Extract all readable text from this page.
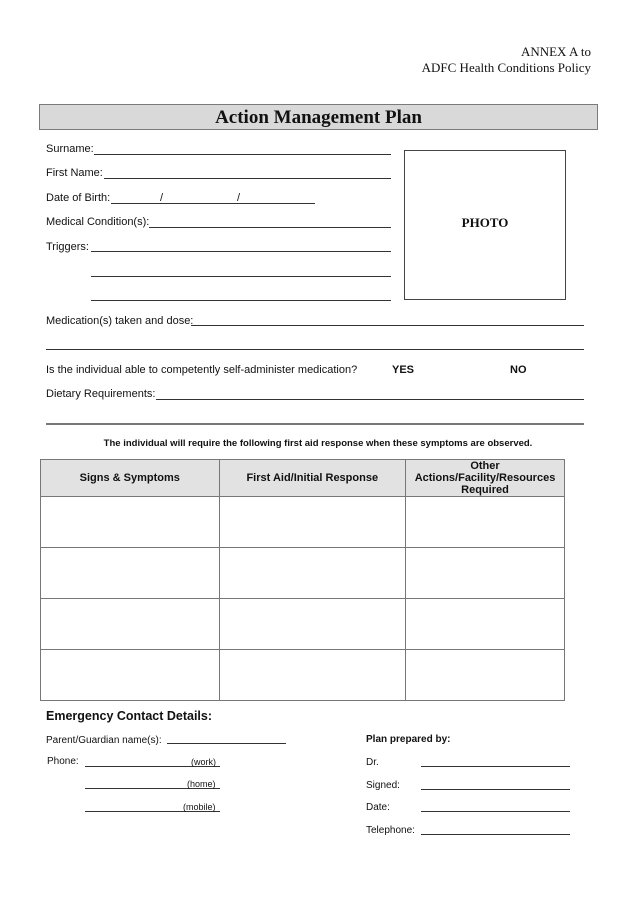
ANNEX A to
ADFC Health Conditions Policy
Action Management Plan
Surname:
First Name:
Date of Birth:	/	/
Medical Condition(s):
Triggers:
PHOTO
Medication(s) taken and dose:
Is the individual able to competently self-administer medication?	YES	NO
Dietary Requirements:
The individual will require the following first aid response when these symptoms are observed.
Signs & Symptoms	First Aid/Initial Response	Other Actions/Facility/Resources Required

Emergency Contact Details:
Parent/Guardian name(s):
Phone:	(work)
(home)
(mobile)
Plan prepared by:
Dr.
Signed:
Date:
Telephone:
